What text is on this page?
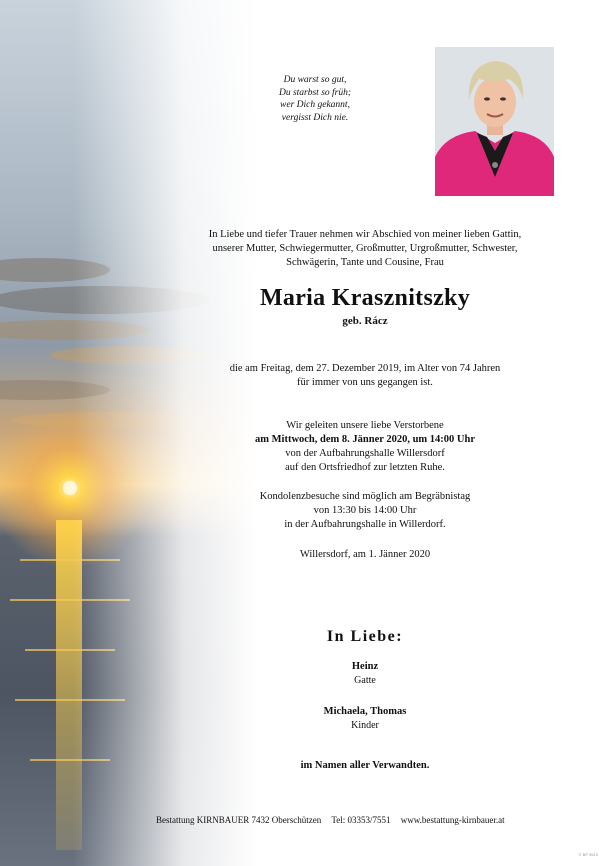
Du warst so gut,
Du starbst so früh;
wer Dich gekannt,
vergisst Dich nie.
In Liebe und tiefer Trauer nehmen wir Abschied von meiner lieben Gattin,
unserer Mutter, Schwiegermutter, Großmutter, Urgroßmutter, Schwester,
Schwägerin, Tante und Cousine, Frau
Maria Krasznitszky
geb. Rácz
die am Freitag, dem 27. Dezember 2019, im Alter von 74 Jahren
für immer von uns gegangen ist.
Wir geleiten unsere liebe Verstorbene
am Mittwoch, dem 8. Jänner 2020, um 14:00 Uhr
von der Aufbahrungshalle Willersdorf
auf den Ortsfriedhof zur letzten Ruhe.
Kondolenzbesuche sind möglich am Begräbnistag
von 13:30 bis 14:00 Uhr
in der Aufbahrungshalle in Willerdorf.
Willersdorf, am 1. Jänner 2020
In Liebe:
Heinz
Gatte
Michaela, Thomas
Kinder
im Namen aller Verwandten.
Bestattung KIRNBAUER 7432 Oberschützen Tel: 03353/7551 www.bestattung-kirnbauer.at
© BP 9510
